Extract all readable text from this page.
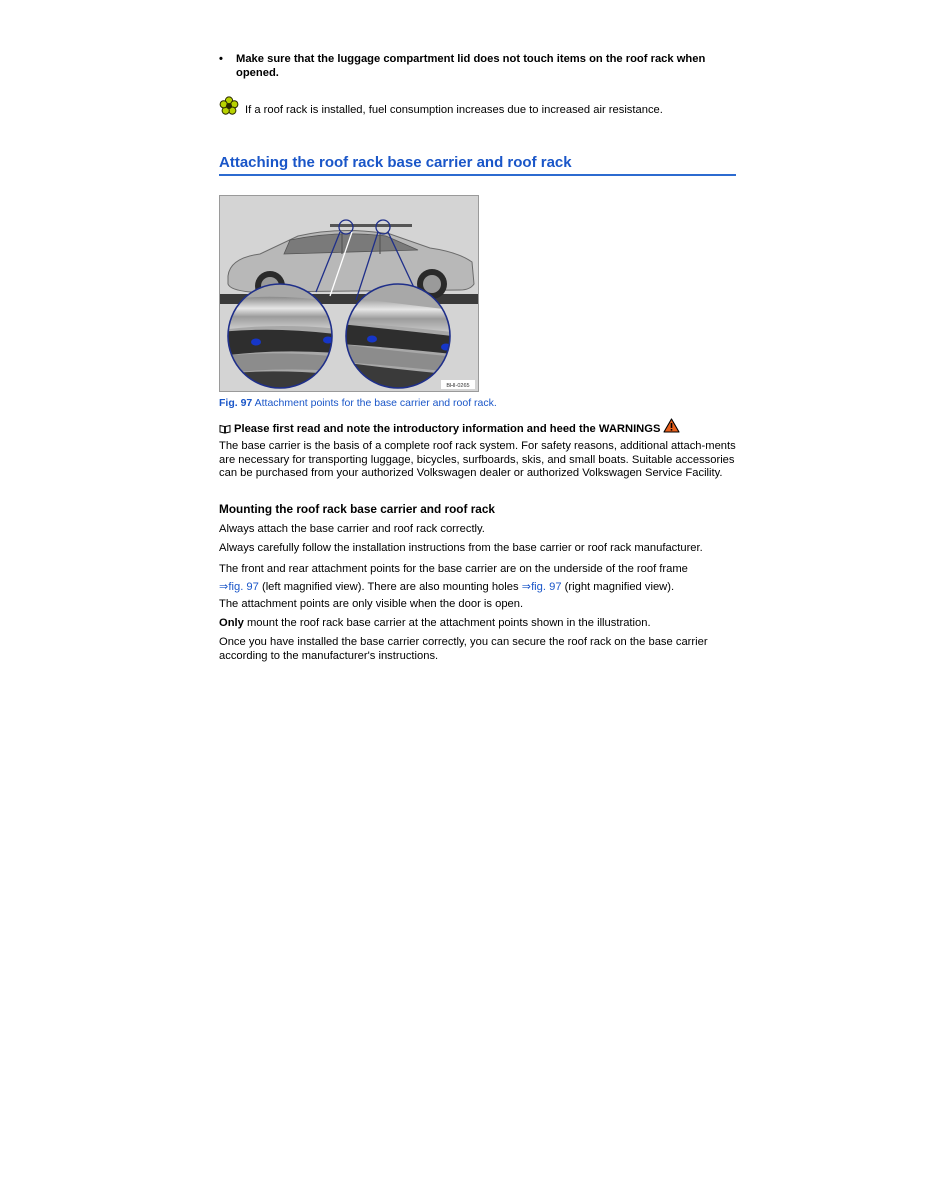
•	Make sure that the luggage compartment lid does not touch items on the roof rack when opened.
If a roof rack is installed, fuel consumption increases due to increased air resistance.
Attaching the roof rack base carrier and roof rack
BHI-0265
Fig. 97 Attachment points for the base carrier and roof rack.
Please first read and note the introductory information and heed the WARNINGS
The base carrier is the basis of a complete roof rack system. For safety reasons, additional attach-ments are necessary for transporting luggage, bicycles, surfboards, skis, and small boats. Suitable accessories can be purchased from your authorized Volkswagen dealer or authorized Volkswagen Service Facility.
Mounting the roof rack base carrier and roof rack
Always attach the base carrier and roof rack correctly.
Always carefully follow the installation instructions from the base carrier or roof rack manufacturer.
The front and rear attachment points for the base carrier are on the underside of the roof frame
⇒fig. 97 (left magnified view). There are also mounting holes ⇒fig. 97 (right magnified view).
The attachment points are only visible when the door is open.
Only mount the roof rack base carrier at the attachment points shown in the illustration.
Once you have installed the base carrier correctly, you can secure the roof rack on the base carrier according to the manufacturer's instructions.
